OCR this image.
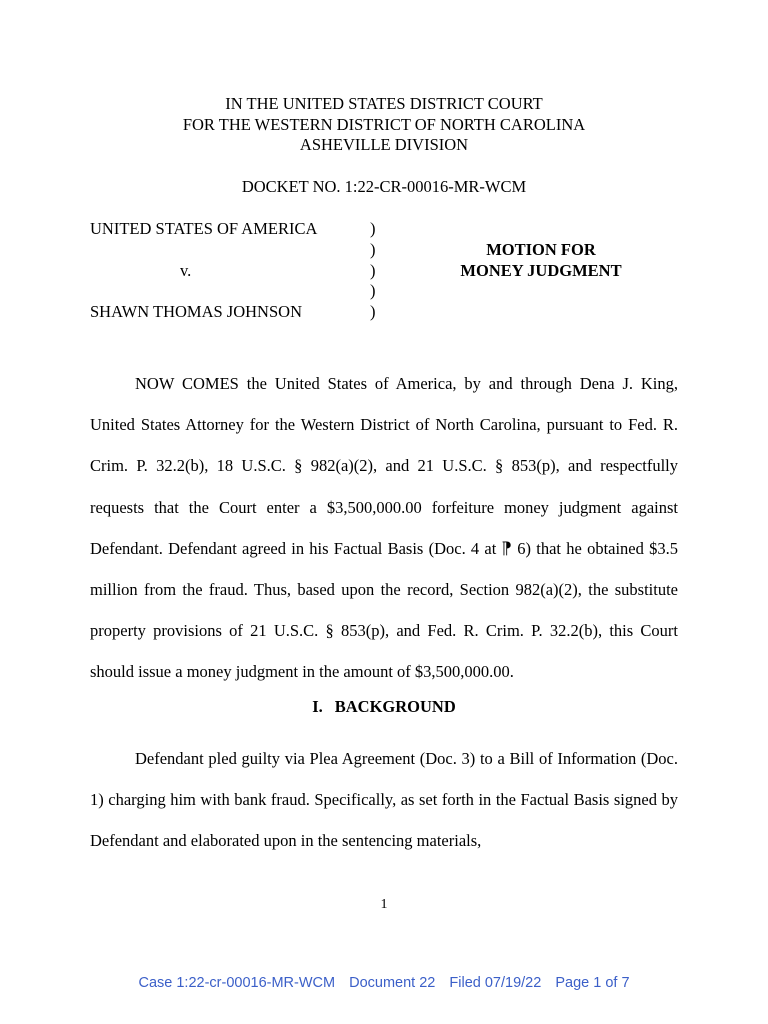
IN THE UNITED STATES DISTRICT COURT
FOR THE WESTERN DISTRICT OF NORTH CAROLINA
ASHEVILLE DIVISION
DOCKET NO. 1:22-CR-00016-MR-WCM
UNITED STATES OF AMERICA
v.
SHAWN THOMAS JOHNSON
)
)
)
)
)
MOTION FOR
MONEY JUDGMENT

NOW COMES the United States of America, by and through Dena J. King, United States Attorney for the Western District of North Carolina, pursuant to Fed. R. Crim. P. 32.2(b), 18 U.S.C. § 982(a)(2), and 21 U.S.C. § 853(p), and respectfully requests that the Court enter a $3,500,000.00 forfeiture money judgment against Defendant. Defendant agreed in his Factual Basis (Doc. 4 at ⁋ 6) that he obtained $3.5 million from the fraud. Thus, based upon the record, Section 982(a)(2), the substitute property provisions of 21 U.S.C. § 853(p), and Fed. R. Crim. P. 32.2(b), this Court should issue a money judgment in the amount of $3,500,000.00.

I. BACKGROUND

Defendant pled guilty via Plea Agreement (Doc. 3) to a Bill of Information (Doc. 1) charging him with bank fraud. Specifically, as set forth in the Factual Basis signed by Defendant and elaborated upon in the sentencing materials,

1
Case 1:22-cr-00016-MR-WCM Document 22 Filed 07/19/22 Page 1 of 7
